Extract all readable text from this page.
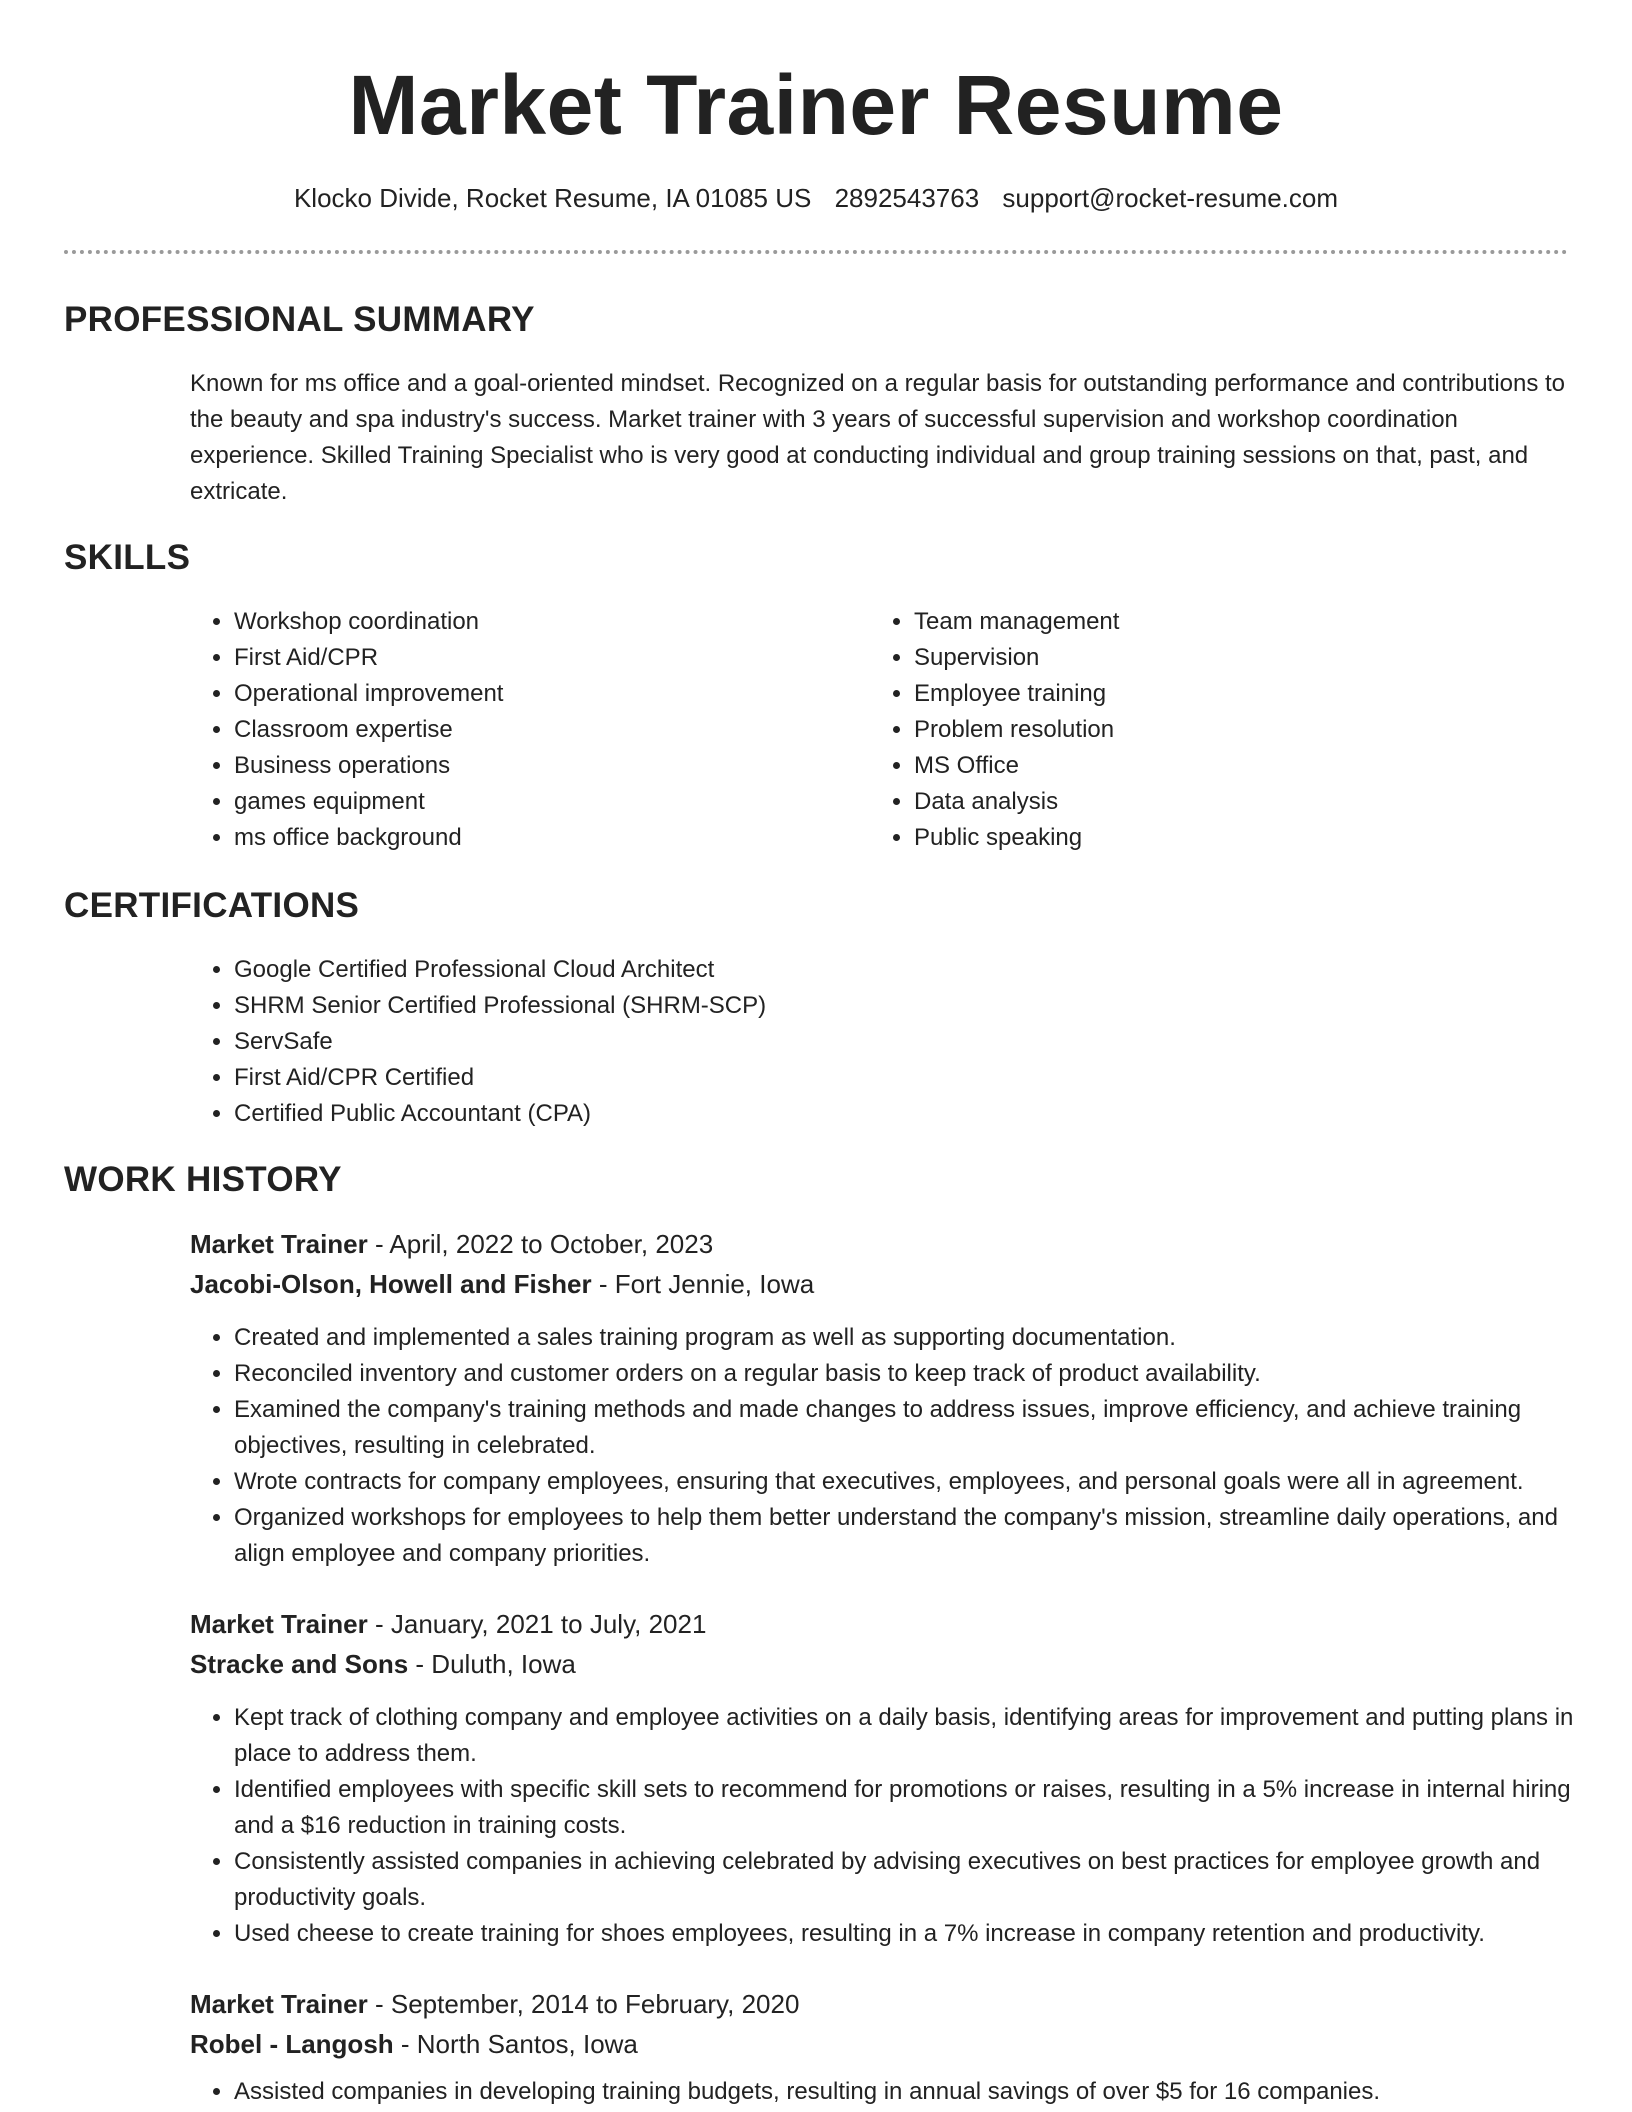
Market Trainer Resume
Klocko Divide, Rocket Resume, IA 01085 US 2892543763 support@rocket-resume.com
PROFESSIONAL SUMMARY

Known for ms office and a goal-oriented mindset. Recognized on a regular basis for outstanding performance and contributions to the beauty and spa industry's success. Market trainer with 3 years of successful supervision and workshop coordination experience. Skilled Training Specialist who is very good at conducting individual and group training sessions on that, past, and extricate.

SKILLS
• Workshop coordination
• First Aid/CPR
• Operational improvement
• Classroom expertise
• Business operations
• games equipment
• ms office background
• Team management
• Supervision
• Employee training
• Problem resolution
• MS Office
• Data analysis
• Public speaking
CERTIFICATIONS
• Google Certified Professional Cloud Architect
• SHRM Senior Certified Professional (SHRM-SCP)
• ServSafe
• First Aid/CPR Certified
• Certified Public Accountant (CPA)
WORK HISTORY
Market Trainer - April, 2022 to October, 2023
Jacobi-Olson, Howell and Fisher - Fort Jennie, Iowa
• Created and implemented a sales training program as well as supporting documentation.
• Reconciled inventory and customer orders on a regular basis to keep track of product availability.
• Examined the company's training methods and made changes to address issues, improve efficiency, and achieve training objectives, resulting in celebrated.
• Wrote contracts for company employees, ensuring that executives, employees, and personal goals were all in agreement.
• Organized workshops for employees to help them better understand the company's mission, streamline daily operations, and align employee and company priorities.
Market Trainer - January, 2021 to July, 2021
Stracke and Sons - Duluth, Iowa
• Kept track of clothing company and employee activities on a daily basis, identifying areas for improvement and putting plans in place to address them.
• Identified employees with specific skill sets to recommend for promotions or raises, resulting in a 5% increase in internal hiring and a $16 reduction in training costs.
• Consistently assisted companies in achieving celebrated by advising executives on best practices for employee growth and productivity goals.
• Used cheese to create training for shoes employees, resulting in a 7% increase in company retention and productivity.
Market Trainer - September, 2014 to February, 2020
Robel - Langosh - North Santos, Iowa
• Assisted companies in developing training budgets, resulting in annual savings of over $5 for 16 companies.
